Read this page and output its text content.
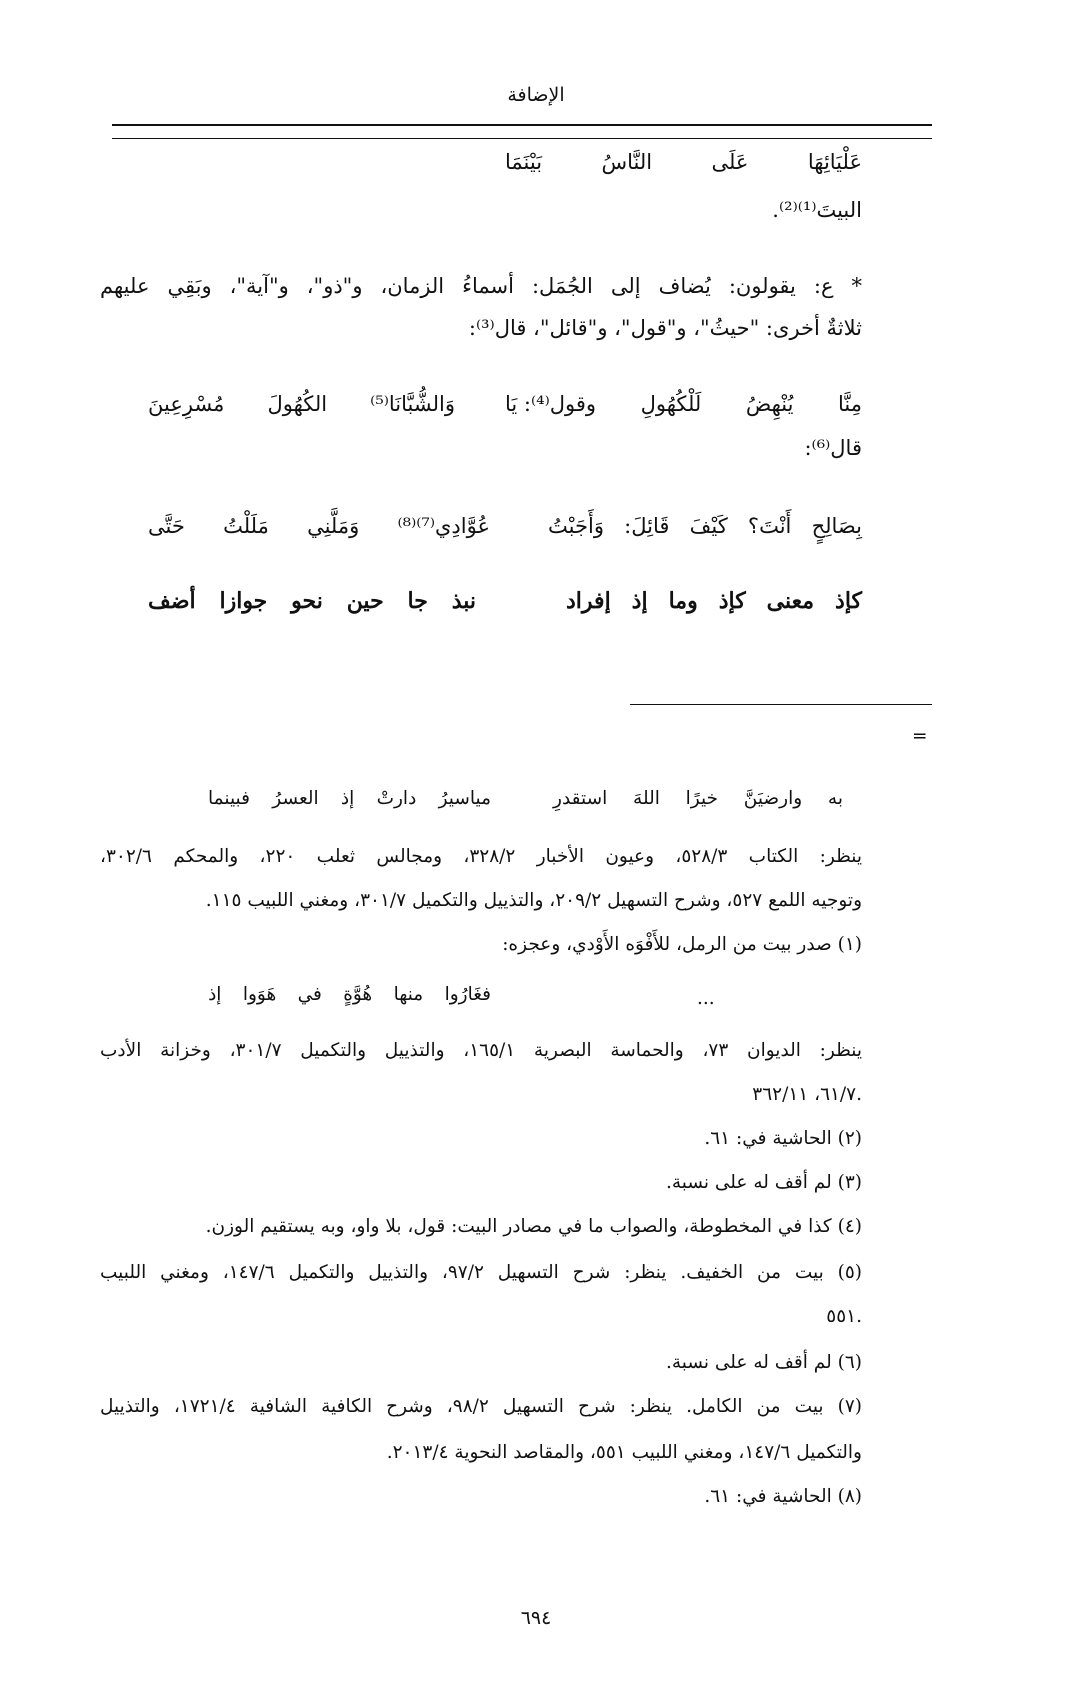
الإضافة
بَيْنَمَا	النَّاسُ	عَلَى	عَلْيَائِهَا
البيتَ⁽¹⁾⁽²⁾.
* ع: يقولون: يُضاف إلى الجُمَل: أسماءُ الزمان، و"ذو"، و"آية"، وبَقِي عليهم
ثلاثةٌ أخرى: "حيثُ"، و"قول"، و"قائل"، قال⁽³⁾:
وقول⁽⁴⁾: يَا لَلْكُهُولِ يُنْهِضُ مِنَّا
مُسْرِعِينَ الكُهُولَ وَالشُّبَّانَا⁽⁵⁾
قال⁽⁶⁾:
وَأَجَبْتُ قَائِلَ: كَيْفَ أَنْتَ؟ بِصَالِحٍ
حَتَّى مَلَلْتُ وَمَلَّنِي عُوَّادِي⁽⁷⁾⁽⁸⁾
إفراد إذ وما كإذ معنى كإذ
أضف جوازا نحو حين جا نبذ
=
استقدرِ اللهَ خيرًا وارضيَنَّ به
فبينما العسرُ إذ دارتْ مياسيرُ
ينظر: الكتاب ٥٢٨/٣، وعيون الأخبار ٣٢٨/٢، ومجالس ثعلب ٢٢٠، والمحكم ٣٠٢/٦،
وتوجيه اللمع ٥٢٧، وشرح التسهيل ٢٠٩/٢، والتذييل والتكميل ٣٠١/٧، ومغني اللبيب ١١٥.
(١) صدر بيت من الرمل، للأَفْوَه الأَوْدي، وعجزه:
...
إذ هَوَوا في هُوَّةٍ منها فغَارُوا
ينظر: الديوان ٧٣، والحماسة البصرية ١٦٥/١، والتذييل والتكميل ٣٠١/٧، وخزانة الأدب
٦١/٧، ٣٦٢/١١.
(٢) الحاشية في: ٦١.
(٣) لم أقف له على نسبة.
(٤) كذا في المخطوطة، والصواب ما في مصادر البيت: قول، بلا واو، وبه يستقيم الوزن.
(٥) بيت من الخفيف. ينظر: شرح التسهيل ٩٧/٢، والتذييل والتكميل ١٤٧/٦، ومغني اللبيب
٥٥١.
(٦) لم أقف له على نسبة.
(٧) بيت من الكامل. ينظر: شرح التسهيل ٩٨/٢، وشرح الكافية الشافية ١٧٢١/٤، والتذييل
والتكميل ١٤٧/٦، ومغني اللبيب ٥٥١، والمقاصد النحوية ٢٠١٣/٤.
(٨) الحاشية في: ٦١.
٦٩٤
